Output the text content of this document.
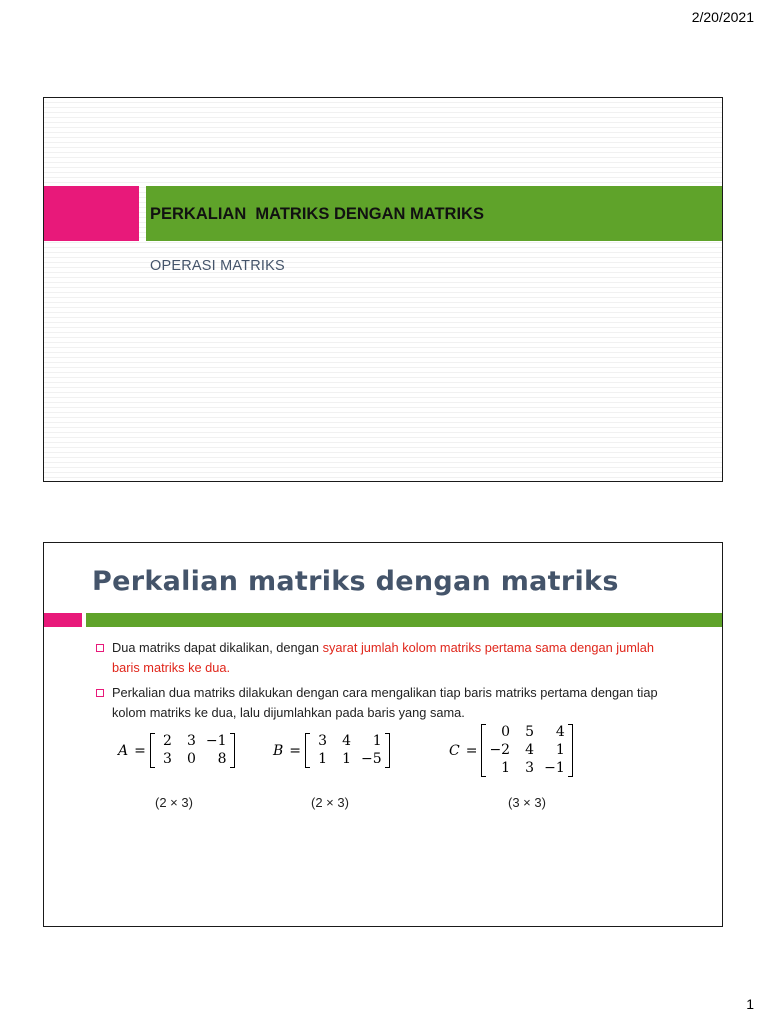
2/20/2021
PERKALIAN  MATRIKS DENGAN MATRIKS
OPERASI MATRIKS
Perkalian matriks dengan matriks
Dua matriks dapat dikalikan, dengan syarat jumlah kolom matriks pertama sama dengan jumlah baris matriks ke dua.
Perkalian dua matriks dilakukan dengan cara mengalikan tiap baris matriks pertama dengan tiap kolom matriks ke dua, lalu dijumlahkan pada baris yang sama.
A =
2	3 −1
3	0	8
B =
3	4	1
1	1 −5
C =
0	5	4
−2	4	1
1	3 −1
(2 × 3)	(2 × 3)	(3 × 3)
1
